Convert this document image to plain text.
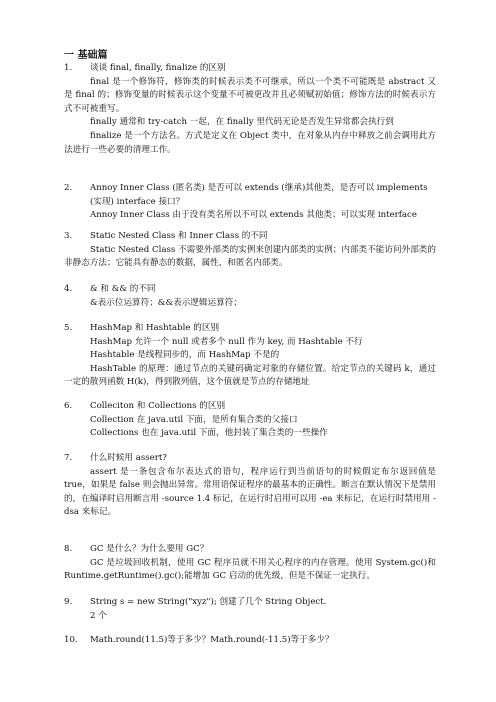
一 基础篇
1.	谈谈 final, finally, finalize 的区别
final 是一个修饰符，修饰类的时候表示类不可继承，所以一个类不可能既是 abstract 又是 final 的；修饰变量的时候表示这个变量不可被更改并且必须赋初始值；修饰方法的时候表示方式不可被重写。
finally 通常和 try-catch 一起，在 finally 里代码无论是否发生异常都会执行到
finalize 是一个方法名。方式是定义在 Object 类中，在对象从内存中释放之前会调用此方法进行一些必要的清理工作。
2.	Annoy Inner Class (匿名类) 是否可以 extends (继承)其他类，是否可以 implements (实现) interface 接口？
Annoy Inner Class 由于没有类名所以不可以 extends 其他类；可以实现 interface
3.	Static Nested Class 和 Inner Class 的不同
Static Nested Class 不需要外部类的实例来创建内部类的实例；内部类不能访问外部类的非静态方法；它能具有静态的数据，属性，和匿名内部类。
4.	& 和 && 的不同
&表示位运算符；&&表示逻辑运算符；
5.	HashMap 和 Hashtable 的区别
HashMap 允许一个 null 或者多个 null 作为 key, 而 Hashtable 不行
Hashtable 是线程同步的，而 HashMap 不是的
HashTable 的原理：通过节点的关键码确定对象的存储位置。给定节点的关键码 k，通过一定的散列函数 H(k)，得到散列值，这个值就是节点的存储地址
6.	Colleciton 和 Collections 的区别
Collection 在 java.util 下面，是所有集合类的父接口
Collections 也在 java.util 下面，他封装了集合类的一些操作
7.	什么时候用 assert?
assert 是一条包含布尔表达式的语句，程序运行到当前语句的时候假定布尔返回值是 true，如果是 false 则会抛出异常。常用语保证程序的最基本的正确性。断言在默认情况下是禁用的，在编译时启用断言用 -source 1.4 标记，在运行时启用可以用 -ea 来标记，在运行时禁用用 -dsa 来标记。
8.	GC 是什么？为什么要用 GC？
GC 是垃圾回收机制，使用 GC 程序员就不用关心程序的内存管理。使用 System.gc()和 Runtime.getRuntime().gc();能增加 GC 启动的优先级，但是不保证一定执行。
9.	String s = new String("xyz"); 创建了几个 String Object.
2 个
10.	Math.round(11.5)等于多少？Math.round(-11.5)等于多少？
